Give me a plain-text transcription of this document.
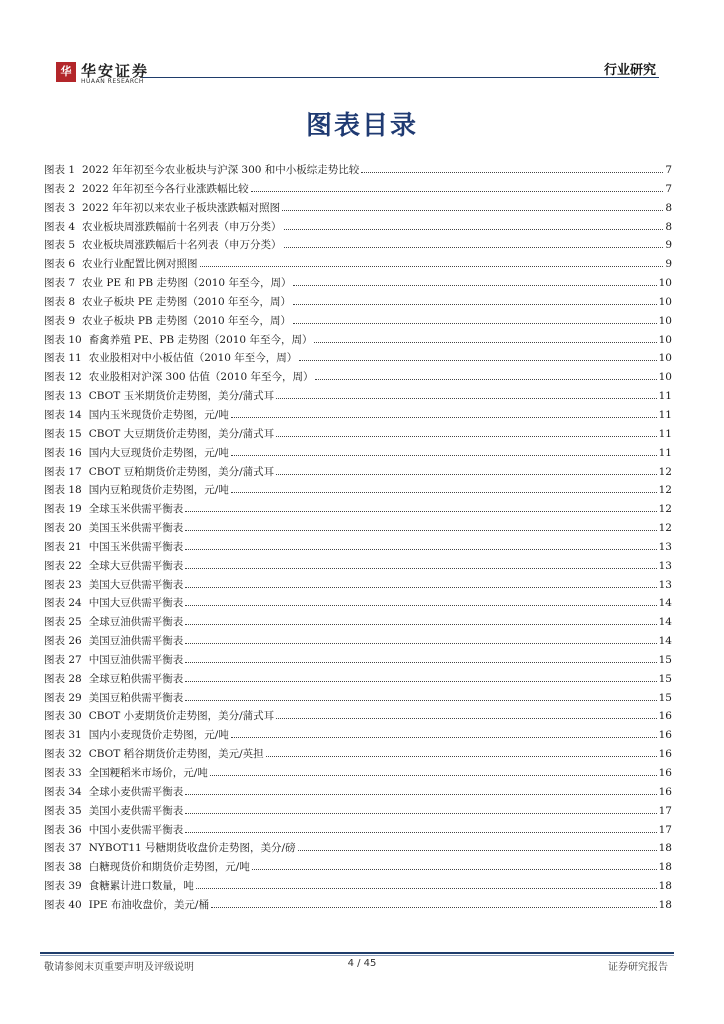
华 华安证券
HUAAN RESEARCH
行业研究
图表目录
图表 1 2022 年年初至今农业板块与沪深 300 和中小板综走势比较	7
图表 2 2022 年年初至今各行业涨跌幅比较	7
图表 3 2022 年年初以来农业子板块涨跌幅对照图	8
图表 4 农业板块周涨跌幅前十名列表（申万分类）	8
图表 5 农业板块周涨跌幅后十名列表（申万分类）	9
图表 6 农业行业配置比例对照图	9
图表 7 农业 PE 和 PB 走势图（2010 年至今，周）	10
图表 8 农业子板块 PE 走势图（2010 年至今，周）	10
图表 9 农业子板块 PB 走势图（2010 年至今，周）	10
图表 10 畜禽养殖 PE、PB 走势图（2010 年至今，周）	10
图表 11 农业股相对中小板估值（2010 年至今，周）	10
图表 12 农业股相对沪深 300 估值（2010 年至今，周）	10
图表 13 CBOT 玉米期货价走势图，美分/蒲式耳	11
图表 14 国内玉米现货价走势图，元/吨	11
图表 15 CBOT 大豆期货价走势图，美分/蒲式耳	11
图表 16 国内大豆现货价走势图，元/吨	11
图表 17 CBOT 豆粕期货价走势图，美分/蒲式耳	12
图表 18 国内豆粕现货价走势图，元/吨	12
图表 19 全球玉米供需平衡表	12
图表 20 美国玉米供需平衡表	12
图表 21 中国玉米供需平衡表	13
图表 22 全球大豆供需平衡表	13
图表 23 美国大豆供需平衡表	13
图表 24 中国大豆供需平衡表	14
图表 25 全球豆油供需平衡表	14
图表 26 美国豆油供需平衡表	14
图表 27 中国豆油供需平衡表	15
图表 28 全球豆粕供需平衡表	15
图表 29 美国豆粕供需平衡表	15
图表 30 CBOT 小麦期货价走势图，美分/蒲式耳	16
图表 31 国内小麦现货价走势图，元/吨	16
图表 32 CBOT 稻谷期货价走势图，美元/英担	16
图表 33 全国粳稻米市场价，元/吨	16
图表 34 全球小麦供需平衡表	16
图表 35 美国小麦供需平衡表	17
图表 36 中国小麦供需平衡表	17
图表 37 NYBOT11 号糖期货收盘价走势图，美分/磅	18
图表 38 白糖现货价和期货价走势图，元/吨	18
图表 39 食糖累计进口数量，吨	18
图表 40 IPE 布油收盘价，美元/桶	18
敬请参阅末页重要声明及评级说明	4 / 45	证券研究报告
